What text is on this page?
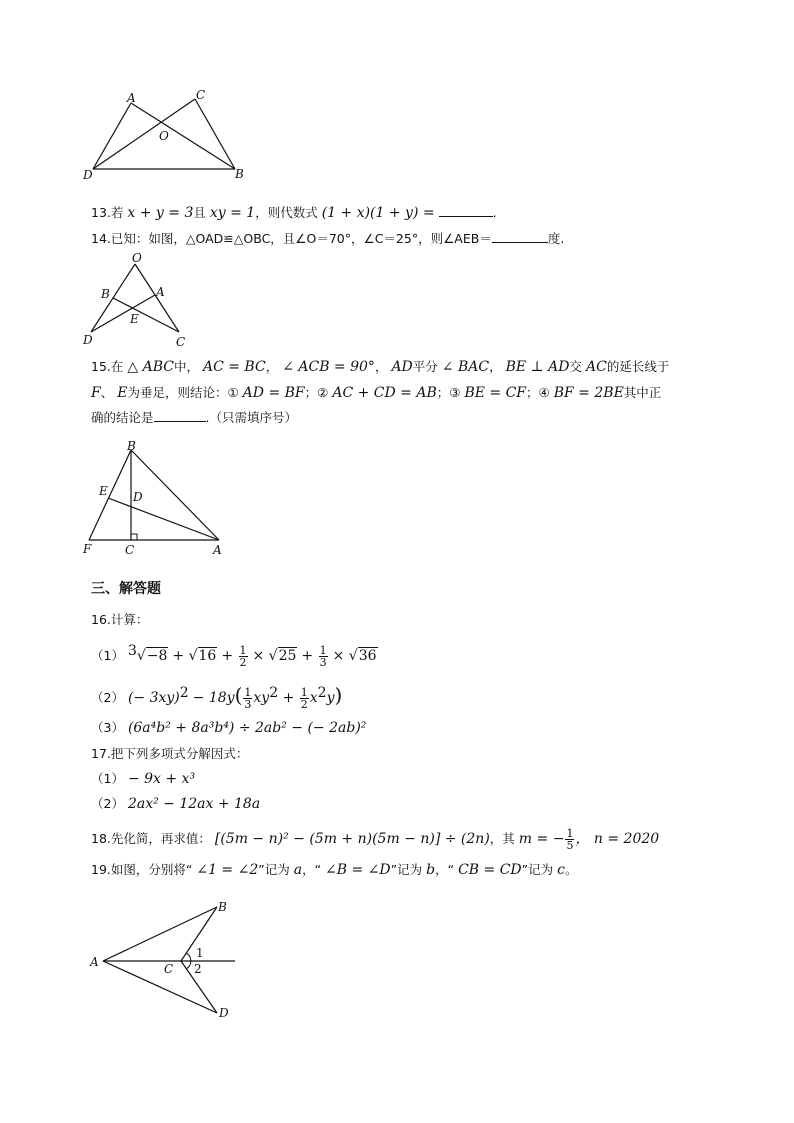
A	C
O
D	B
13.若 x + y = 3且 xy = 1，则代数式 (1 + x)(1 + y) =	.
14.已知：如图，△OAD≌△OBC，且∠O＝70°，∠C＝25°，则∠AEB＝	度.
O
B	A
E
D	C
15.在 △ ABC中， AC = BC， ∠ ACB = 90°， AD平分 ∠ BAC， BE ⊥ AD交 AC的延长线于
F、 E为垂足，则结论：① AD = BF；② AC + CD = AB；③ BE = CF；④ BF = 2BE其中正
确的结论是	.（只需填序号）
B
E D
F	C	A
三、解答题
16.计算：
（1） $^3√-8 + √16 + \frac{1}{2} \times √25 + \frac{1}{3} \times √36$
（2） (− $3xy)^2 - 18y( \frac{1}{3} xy^2 + \frac{1}{2} x^2y)$
（3） (6a⁴b² + 8a³b⁴) ÷ 2ab² − (− 2ab)²
17.把下列多项式分解因式：
（1） − 9x + x³
（2） 2ax² − 12ax + 18a
18.先化简，再求值： [(5m − n)² − (5m + n)(5m − n)] ÷ (2n)，其 m = − $\frac{1}{5}$ ， n = 2020
19.如图，分别将“ ∠1 = ∠2”记为 a，“ ∠B = ∠D”记为 b，“ CB = CD”记为 c。
B
A	C
1
2
D
